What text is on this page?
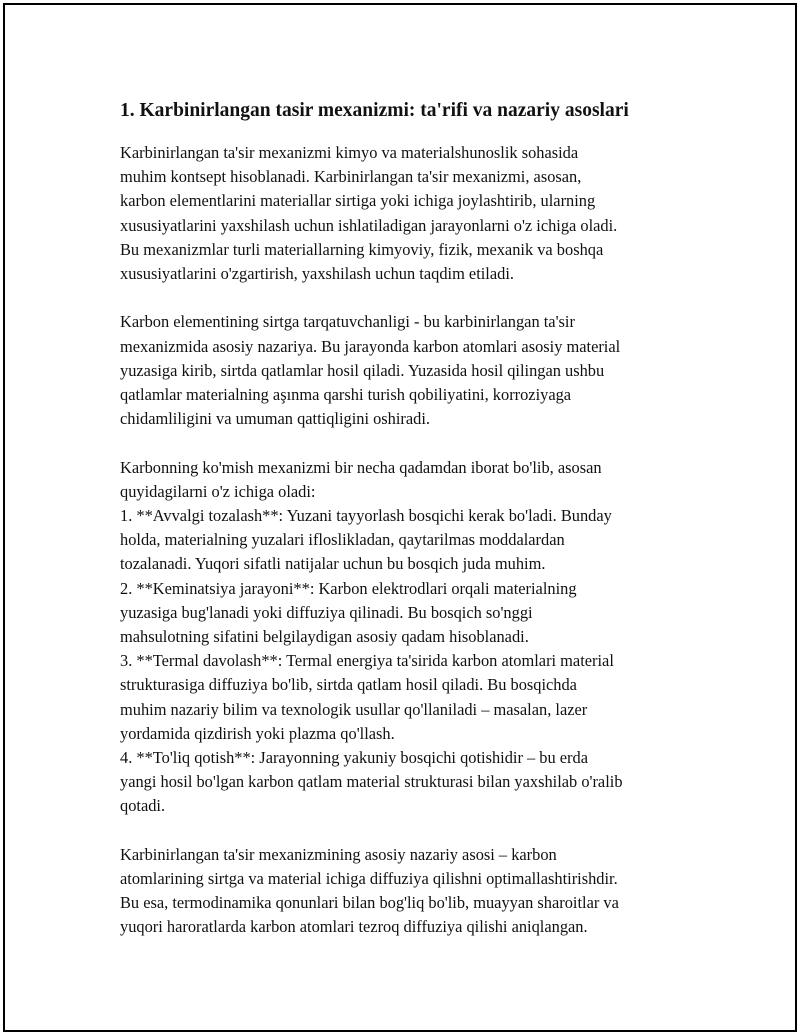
1. Karbinirlangan tasir mexanizmi: ta'rifi va nazariy asoslari
Karbinirlangan ta'sir mexanizmi kimyo va materialshunoslik sohasida
muhim kontsept hisoblanadi. Karbinirlangan ta'sir mexanizmi, asosan,
karbon elementlarini materiallar sirtiga yoki ichiga joylashtirib, ularning
xususiyatlarini yaxshilash uchun ishlatiladigan jarayonlarni o'z ichiga oladi.
Bu mexanizmlar turli materiallarning kimyoviy, fizik, mexanik va boshqa
xususiyatlarini o'zgartirish, yaxshilash uchun taqdim etiladi.
Karbon elementining sirtga tarqatuvchanligi - bu karbinirlangan ta'sir
mexanizmida asosiy nazariya. Bu jarayonda karbon atomlari asosiy material
yuzasiga kirib, sirtda qatlamlar hosil qiladi. Yuzasida hosil qilingan ushbu
qatlamlar materialning aşınma qarshi turish qobiliyatini, korroziyaga
chidamliligini va umuman qattiqligini oshiradi.
Karbonning ko'mish mexanizmi bir necha qadamdan iborat bo'lib, asosan
quyidagilarni o'z ichiga oladi:
1. **Avvalgi tozalash**: Yuzani tayyorlash bosqichi kerak bo'ladi. Bunday
holda, materialning yuzalari ifloslikladan, qaytarilmas moddalardan
tozalanadi. Yuqori sifatli natijalar uchun bu bosqich juda muhim.
2. **Keminatsiya jarayoni**: Karbon elektrodlari orqali materialning
yuzasiga bug'lanadi yoki diffuziya qilinadi. Bu bosqich so'nggi
mahsulotning sifatini belgilaydigan asosiy qadam hisoblanadi.
3. **Termal davolash**: Termal energiya ta'sirida karbon atomlari material
strukturasiga diffuziya bo'lib, sirtda qatlam hosil qiladi. Bu bosqichda
muhim nazariy bilim va texnologik usullar qo'llaniladi – masalan, lazer
yordamida qizdirish yoki plazma qo'llash.
4. **To'liq qotish**: Jarayonning yakuniy bosqichi qotishidir – bu erda
yangi hosil bo'lgan karbon qatlam material strukturasi bilan yaxshilab o'ralib
qotadi.
Karbinirlangan ta'sir mexanizmining asosiy nazariy asosi – karbon
atomlarining sirtga va material ichiga diffuziya qilishni optimallashtirishdir.
Bu esa, termodinamika qonunlari bilan bog'liq bo'lib, muayyan sharoitlar va
yuqori haroratlarda karbon atomlari tezroq diffuziya qilishi aniqlangan.
